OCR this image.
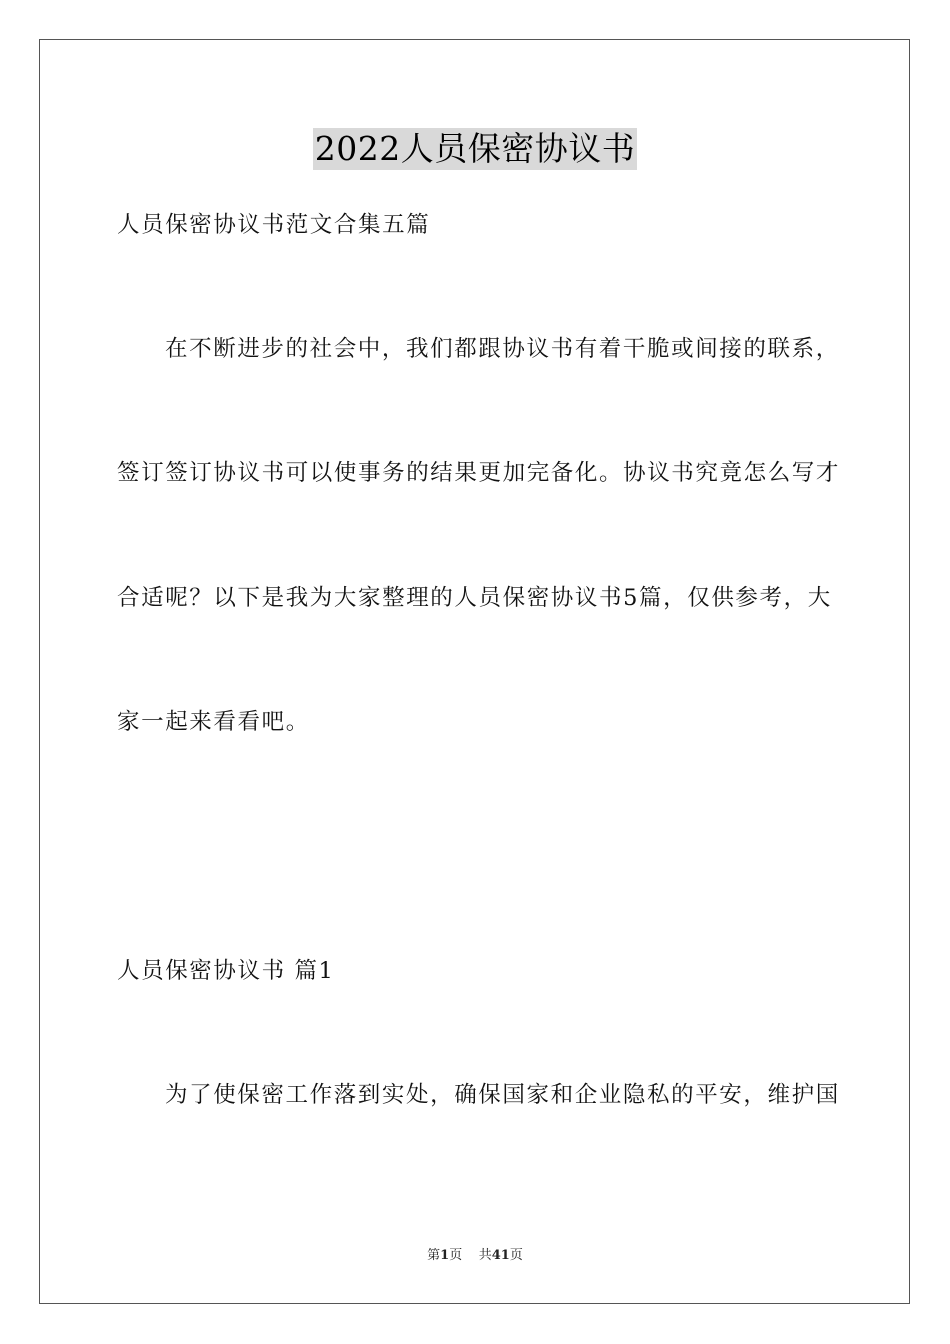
2022人员保密协议书
人员保密协议书范文合集五篇
在不断进步的社会中，我们都跟协议书有着干脆或间接的联系，
签订签订协议书可以使事务的结果更加完备化。协议书究竟怎么写才
合适呢？以下是我为大家整理的人员保密协议书5篇，仅供参考，大
家一起来看看吧。
人员保密协议书 篇1
为了使保密工作落到实处，确保国家和企业隐私的平安，维护国
第1页 共41页
